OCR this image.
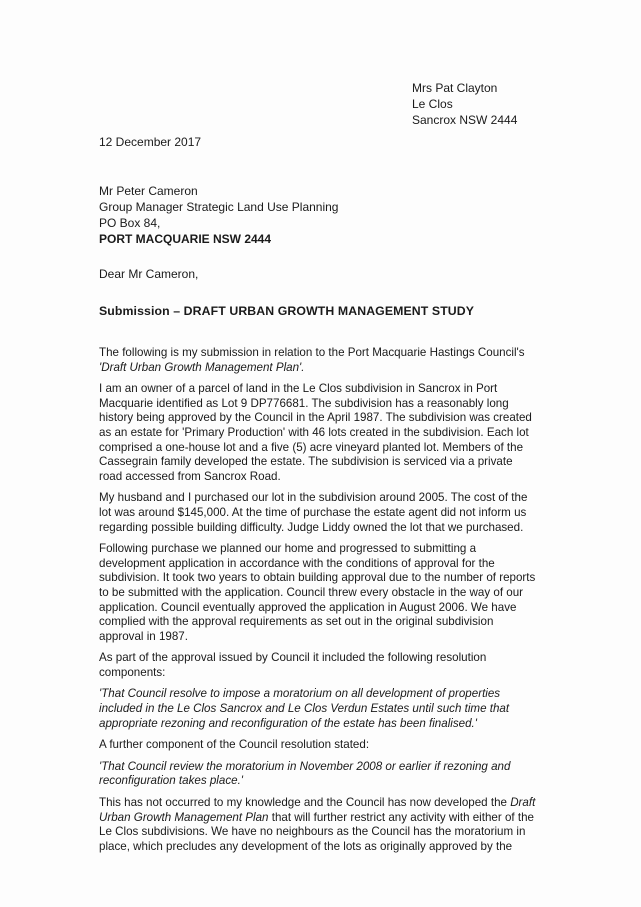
Mrs Pat Clayton
Le Clos
Sancrox NSW 2444
12 December 2017
Mr Peter Cameron
Group Manager Strategic Land Use Planning
PO Box 84,
PORT MACQUARIE NSW 2444
Dear Mr Cameron,
Submission – DRAFT URBAN GROWTH MANAGEMENT STUDY

The following is my submission in relation to the Port Macquarie Hastings Council's
'Draft Urban Growth Management Plan'.

I am an owner of a parcel of land in the Le Clos subdivision in Sancrox in Port
Macquarie identified as Lot 9 DP776681. The subdivision has a reasonably long
history being approved by the Council in the April 1987. The subdivision was created
as an estate for 'Primary Production' with 46 lots created in the subdivision. Each lot
comprised a one-house lot and a five (5) acre vineyard planted lot. Members of the
Cassegrain family developed the estate. The subdivision is serviced via a private
road accessed from Sancrox Road.

My husband and I purchased our lot in the subdivision around 2005. The cost of the
lot was around $145,000. At the time of purchase the estate agent did not inform us
regarding possible building difficulty. Judge Liddy owned the lot that we purchased.

Following purchase we planned our home and progressed to submitting a
development application in accordance with the conditions of approval for the
subdivision. It took two years to obtain building approval due to the number of reports
to be submitted with the application. Council threw every obstacle in the way of our
application. Council eventually approved the application in August 2006. We have
complied with the approval requirements as set out in the original subdivision
approval in 1987.

As part of the approval issued by Council it included the following resolution
components:

'That Council resolve to impose a moratorium on all development of properties
included in the Le Clos Sancrox and Le Clos Verdun Estates until such time that
appropriate rezoning and reconfiguration of the estate has been finalised.'

A further component of the Council resolution stated:

'That Council review the moratorium in November 2008 or earlier if rezoning and
reconfiguration takes place.'

This has not occurred to my knowledge and the Council has now developed the Draft
Urban Growth Management Plan that will further restrict any activity with either of the
Le Clos subdivisions. We have no neighbours as the Council has the moratorium in
place, which precludes any development of the lots as originally approved by the
